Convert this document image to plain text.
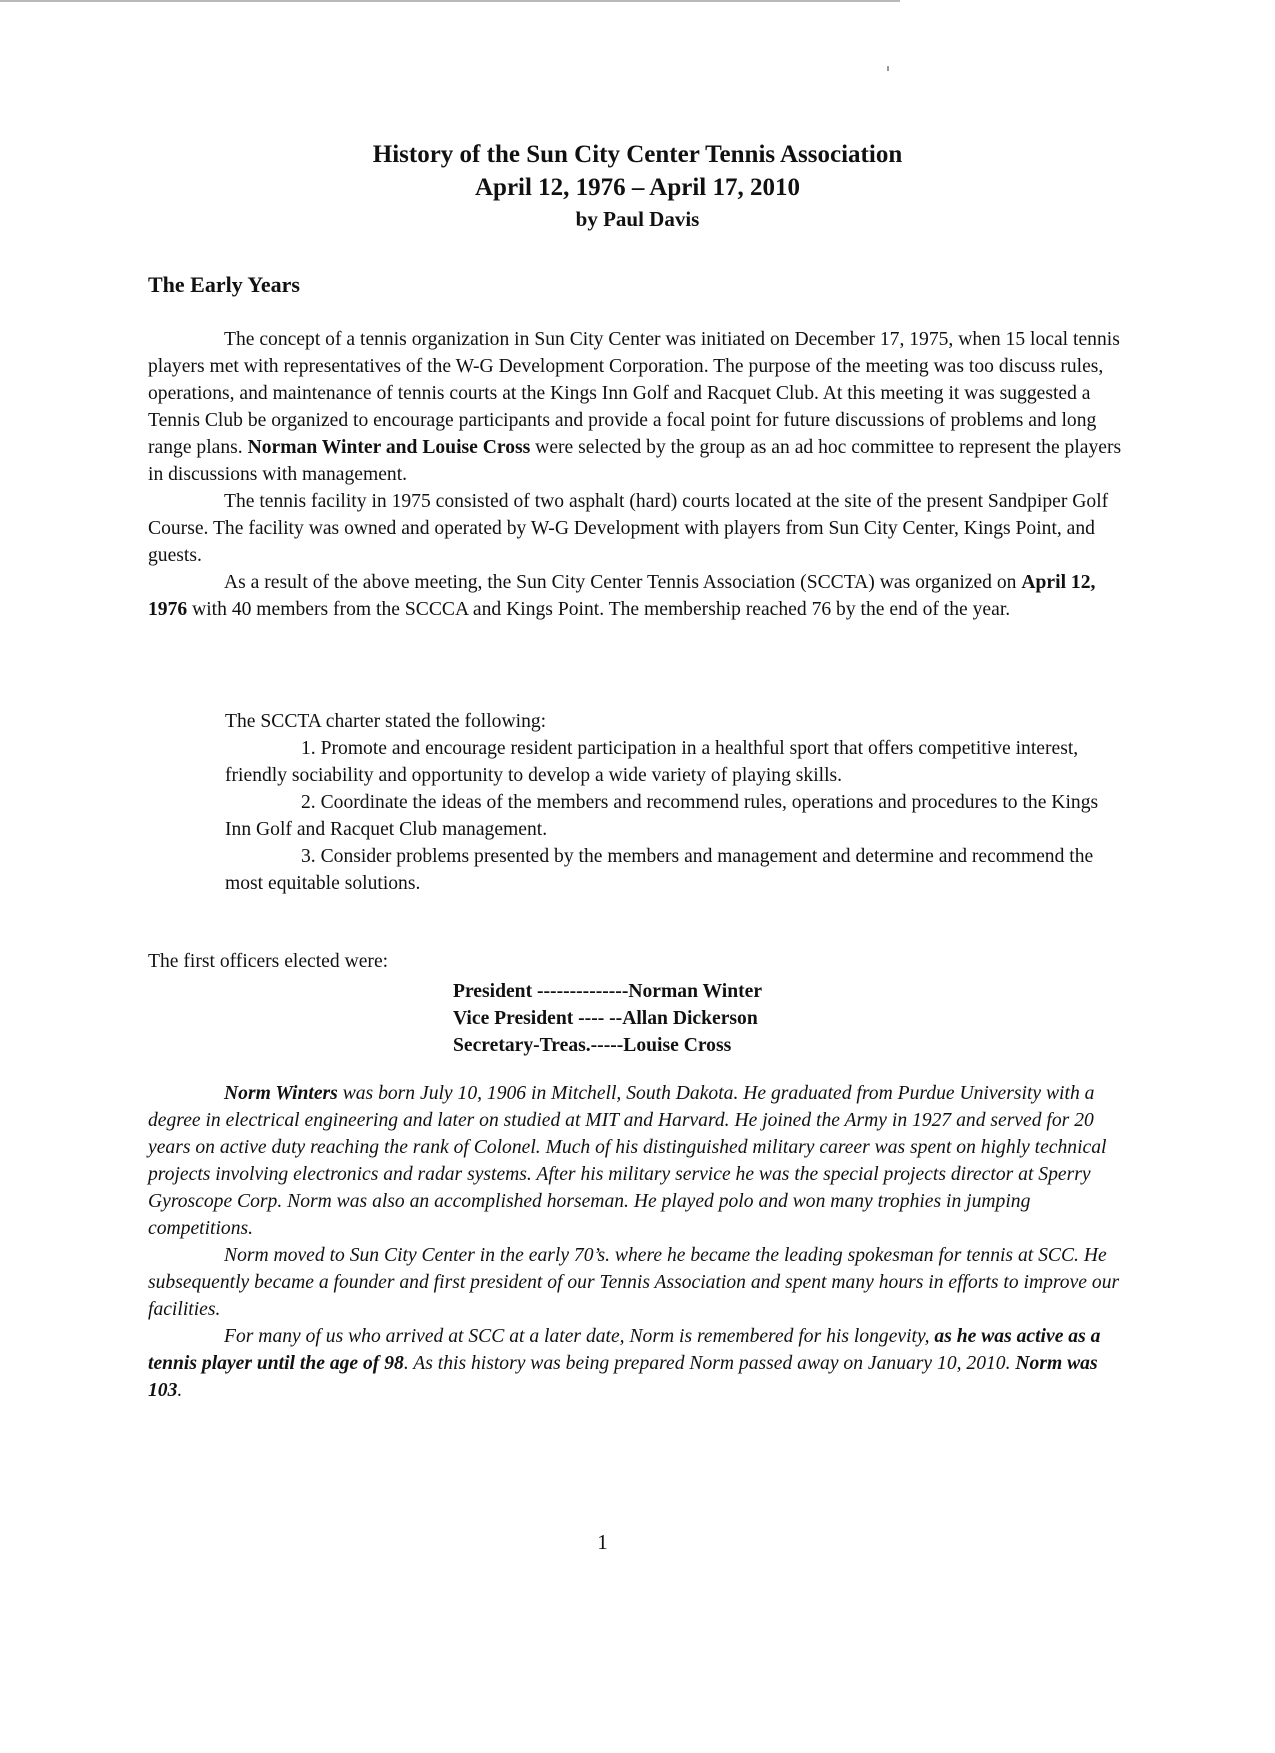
History of the Sun City Center Tennis Association
April 12, 1976 – April 17, 2010
by Paul Davis
The Early Years

The concept of a tennis organization in Sun City Center was initiated on December 17, 1975, when 15 local tennis players met with representatives of the W-G Development Corporation. The purpose of the meeting was too discuss rules, operations, and maintenance of tennis courts at the Kings Inn Golf and Racquet Club. At this meeting it was suggested a Tennis Club be organized to encourage participants and provide a focal point for future discussions of problems and long range plans. Norman Winter and Louise Cross were selected by the group as an ad hoc committee to represent the players in discussions with management.

The tennis facility in 1975 consisted of two asphalt (hard) courts located at the site of the present Sandpiper Golf Course. The facility was owned and operated by W-G Development with players from Sun City Center, Kings Point, and guests.

As a result of the above meeting, the Sun City Center Tennis Association (SCCTA) was organized on April 12, 1976 with 40 members from the SCCCA and Kings Point. The membership reached 76 by the end of the year.

The SCCTA charter stated the following:

1. Promote and encourage resident participation in a healthful sport that offers competitive interest, friendly sociability and opportunity to develop a wide variety of playing skills.

2. Coordinate the ideas of the members and recommend rules, operations and procedures to the Kings Inn Golf and Racquet Club management.

3. Consider problems presented by the members and management and determine and recommend the most equitable solutions.

The first officers elected were:
President --------------Norman Winter
Vice President ---- --Allan Dickerson
Secretary-Treas.-----Louise Cross

Norm Winters was born July 10, 1906 in Mitchell, South Dakota. He graduated from Purdue University with a degree in electrical engineering and later on studied at MIT and Harvard. He joined the Army in 1927 and served for 20 years on active duty reaching the rank of Colonel. Much of his distinguished military career was spent on highly technical projects involving electronics and radar systems. After his military service he was the special projects director at Sperry Gyroscope Corp. Norm was also an accomplished horseman. He played polo and won many trophies in jumping competitions.

Norm moved to Sun City Center in the early 70’s. where he became the leading spokesman for tennis at SCC. He subsequently became a founder and first president of our Tennis Association and spent many hours in efforts to improve our facilities.

For many of us who arrived at SCC at a later date, Norm is remembered for his longevity, as he was active as a tennis player until the age of 98. As this history was being prepared Norm passed away on January 10, 2010. Norm was 103.

1
